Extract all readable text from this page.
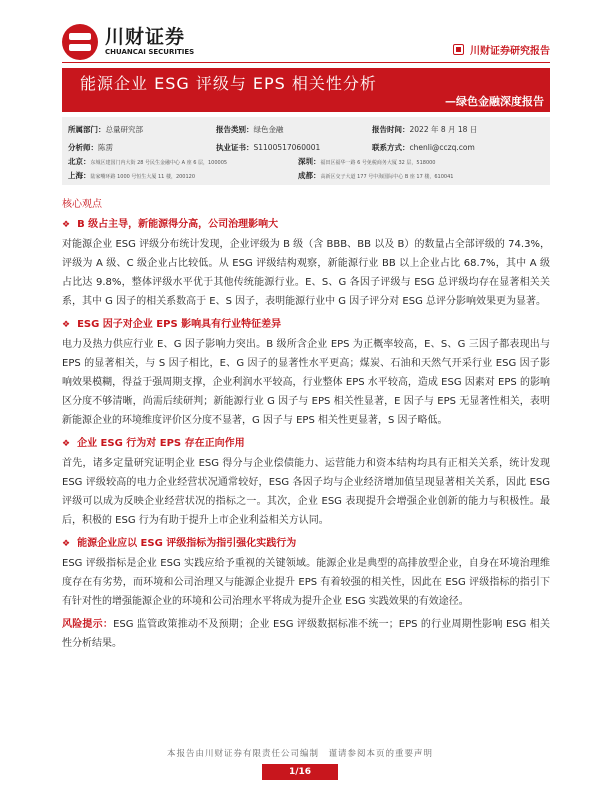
川财证券
CHUANCAI SECURITIES	川财证券研究报告
能源企业 ESG 评级与 EPS 相关性分析
—绿色金融深度报告
所属部门：总量研究部	报告类别：绿色金融	报告时间：2022 年 8 月 18 日
分析师：陈雳	执业证书：S1100517060001	联系方式：chenli@cczq.com
北京：东城区建国门内大街 28 号民生金融中心 A 座 6 层，100005	深圳：福田区福华一路 6 号免税商务大厦 32 层，518000
上海：陆家嘴环路 1000 号恒生大厦 11 楼，200120	成都：高新区交子大道 177 号中海国际中心 B 座 17 楼，610041
核心观点
❖ B 级占主导，新能源得分高，公司治理影响大

对能源企业 ESG 评级分布统计发现，企业评级为 B 级（含 BBB、BB 以及 B）的数量占全部评级的 74.3%，评级为 A 级、C 级企业占比较低。从 ESG 评级结构观察，新能源行业 BB 以上企业占比 68.7%，其中 A 级占比达 9.8%，整体评级水平优于其他传统能源行业。E、S、G 各因子评级与 ESG 总评级均存在显著相关关系，其中 G 因子的相关系数高于 E、S 因子，表明能源行业中 G 因子评分对 ESG 总评分影响效果更为显著。

❖ ESG 因子对企业 EPS 影响具有行业特征差异

电力及热力供应行业 E、G 因子影响力突出。B 级所含企业 EPS 为正概率较高，E、S、G 三因子都表现出与 EPS 的显著相关，与 S 因子相比，E、G 因子的显著性水平更高；煤炭、石油和天然气开采行业 ESG 因子影响效果模糊，得益于强周期支撑，企业利润水平较高，行业整体 EPS 水平较高，造成 ESG 因素对 EPS 的影响区分度不够清晰，尚需后续研判；新能源行业 G 因子与 EPS 相关性显著，E 因子与 EPS 无显著性相关，表明新能源企业的环境维度评价区分度不显著，G 因子与 EPS 相关性更显著，S 因子略低。

❖ 企业 ESG 行为对 EPS 存在正向作用

首先，诸多定量研究证明企业 ESG 得分与企业偿债能力、运营能力和资本结构均具有正相关关系，统计发现 ESG 评级较高的电力企业经营状况通常较好，ESG 各因子均与企业经济增加值呈现显著相关关系，因此 ESG 评级可以成为反映企业经营状况的指标之一。其次，企业 ESG 表现提升会增强企业创新的能力与积极性。最后，积极的 ESG 行为有助于提升上市企业利益相关方认同。

❖ 能源企业应以 ESG 评级指标为指引强化实践行为

ESG 评级指标是企业 ESG 实践应给予重视的关键领域。能源企业是典型的高排放型企业，自身在环境治理维度存在有劣势，而环境和公司治理又与能源企业提升 EPS 有着较强的相关性，因此在 ESG 评级指标的指引下有针对性的增强能源企业的环境和公司治理水平将成为提升企业 ESG 实践效果的有效途径。

风险提示：ESG 监管政策推动不及预期；企业 ESG 评级数据标准不统一；EPS 的行业周期性影响 ESG 相关性分析结果。
本报告由川财证券有限责任公司编制　谨请参阅本页的重要声明
1/16
